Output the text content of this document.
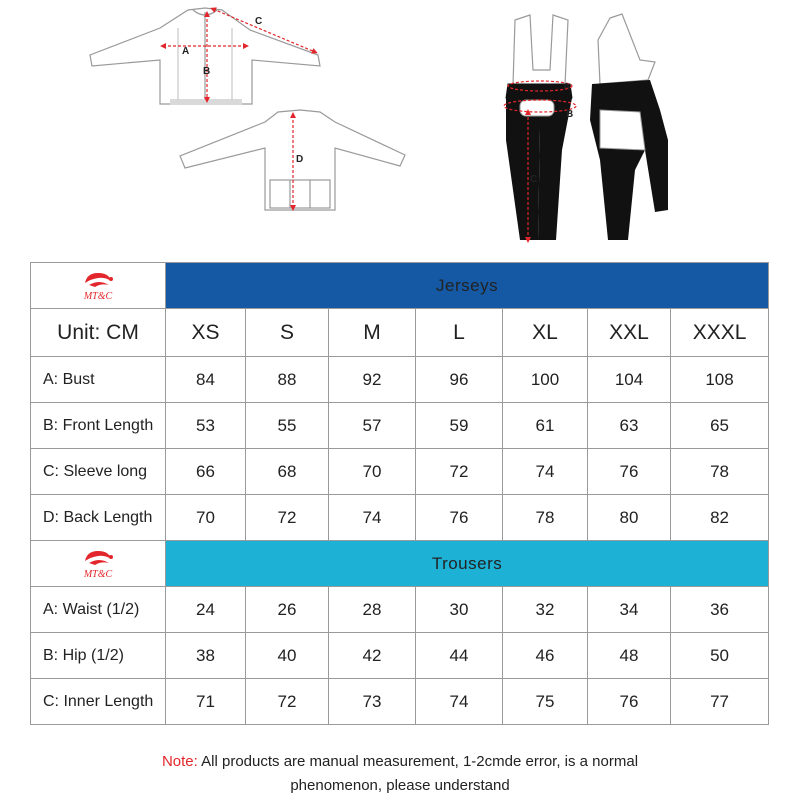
A
B
C
D
A
B
C
MT&C	Jerseys						
Unit: CM	XS	S	M	L	XL	XXL	XXXL
A: Bust	84	88	92	96	100	104	108
B: Front Length	53	55	57	59	61	63	65
C: Sleeve long	66	68	70	72	74	76	78
D: Back Length	70	72	74	76	78	80	82

MT&C	Trousers						
A: Waist (1/2)	24	26	28	30	32	34	36
B: Hip (1/2)	38	40	42	44	46	48	50
C: Inner Length	71	72	73	74	75	76	77
Note: All products are manual measurement, 1-2cmde error, is a normal
phenomenon, please understand
